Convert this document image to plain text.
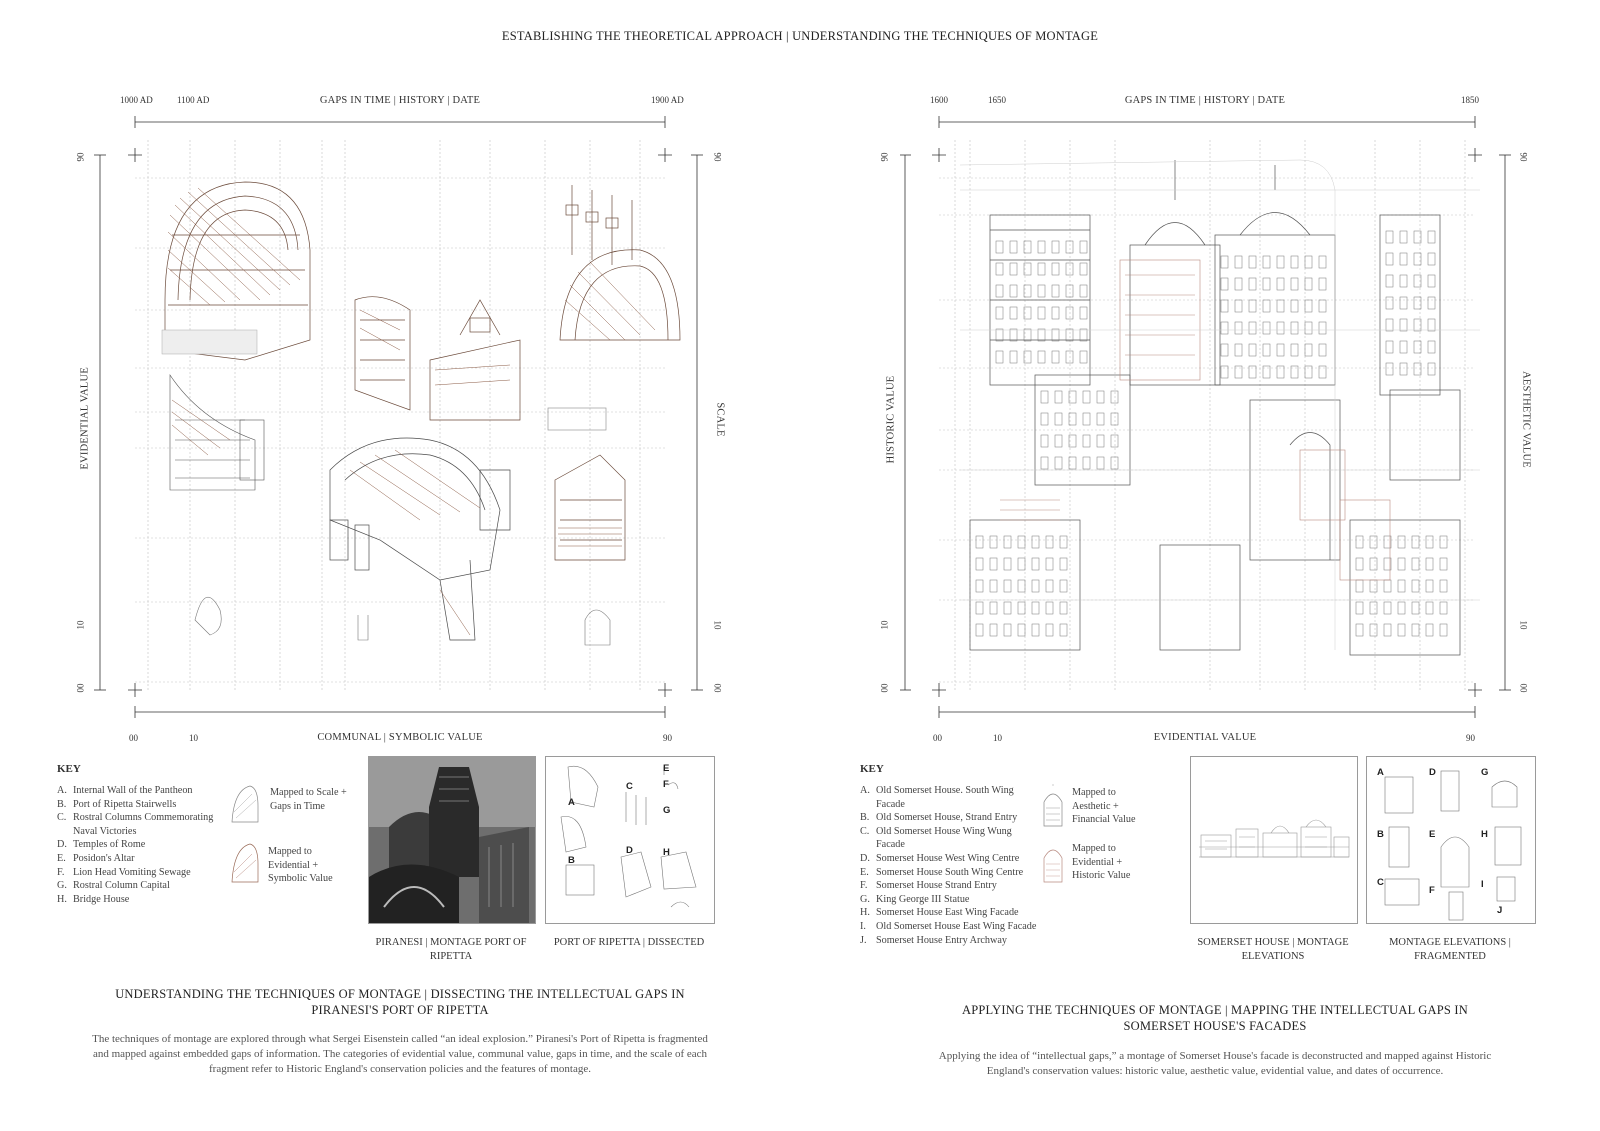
ESTABLISHING THE THEORETICAL APPROACH | UNDERSTANDING THE TECHNIQUES OF MONTAGE
1000 AD	1100 AD	1900 AD
GAPS IN TIME | HISTORY | DATE
00	10	90
COMMUNAL | SYMBOLIC VALUE
90
10
00
EVIDENTIAL VALUE
90
10
00
SCALE
KEY
A. Internal Wall of the Pantheon
B. Port of Ripetta Stairwells
C. Rostral Columns Commemorating Naval Victories
D. Temples of Rome
E. Posidon's Altar
F. Lion Head Vomiting Sewage
G. Rostral Column Capital
H. Bridge House
Mapped to Scale + Gaps in Time
Mapped to Evidential + Symbolic Value
A
B
C
D
E
F
G
H
PIRANESI | MONTAGE PORT OF RIPETTA
PORT OF RIPETTA | DISSECTED
UNDERSTANDING THE TECHNIQUES OF MONTAGE | DISSECTING THE INTELLECTUAL GAPS IN PIRANESI'S PORT OF RIPETTA
The techniques of montage are explored through what Sergei Eisenstein called “an ideal explosion.” Piranesi's Port of Ripetta is fragmented and mapped against embedded gaps of information. The categories of evidential value, communal value, gaps in time, and the scale of each fragment refer to Historic England's conservation policies and the features of montage.
1600	1650	1850
GAPS IN TIME | HISTORY | DATE
00	10	90
EVIDENTIAL VALUE
90
10
00
HISTORIC VALUE
90
10
00
AESTHETIC VALUE
KEY
A. Old Somerset House. South Wing Facade
B. Old Somerset House, Strand Entry
C. Old Somerset House Wing Wung Facade
D. Somerset House West Wing Centre
E. Somerset House South Wing Centre
F. Somerset House Strand Entry
G. King George III Statue
H. Somerset House East Wing Facade
I. Old Somerset House East Wing Facade
J. Somerset House Entry Archway
Mapped to Aesthetic + Financial Value
Mapped to Evidential + Historic Value
A	D	G
B	E	H
C
F
I
J
SOMERSET HOUSE | MONTAGE ELEVATIONS
MONTAGE ELEVATIONS | FRAGMENTED
APPLYING THE TECHNIQUES OF MONTAGE | MAPPING THE INTELLECTUAL GAPS IN SOMERSET HOUSE'S FACADES
Applying the idea of “intellectual gaps,” a montage of Somerset House's facade is deconstructed and mapped against Historic England's conservation values: historic value, aesthetic value, evidential value, and dates of occurrence.
